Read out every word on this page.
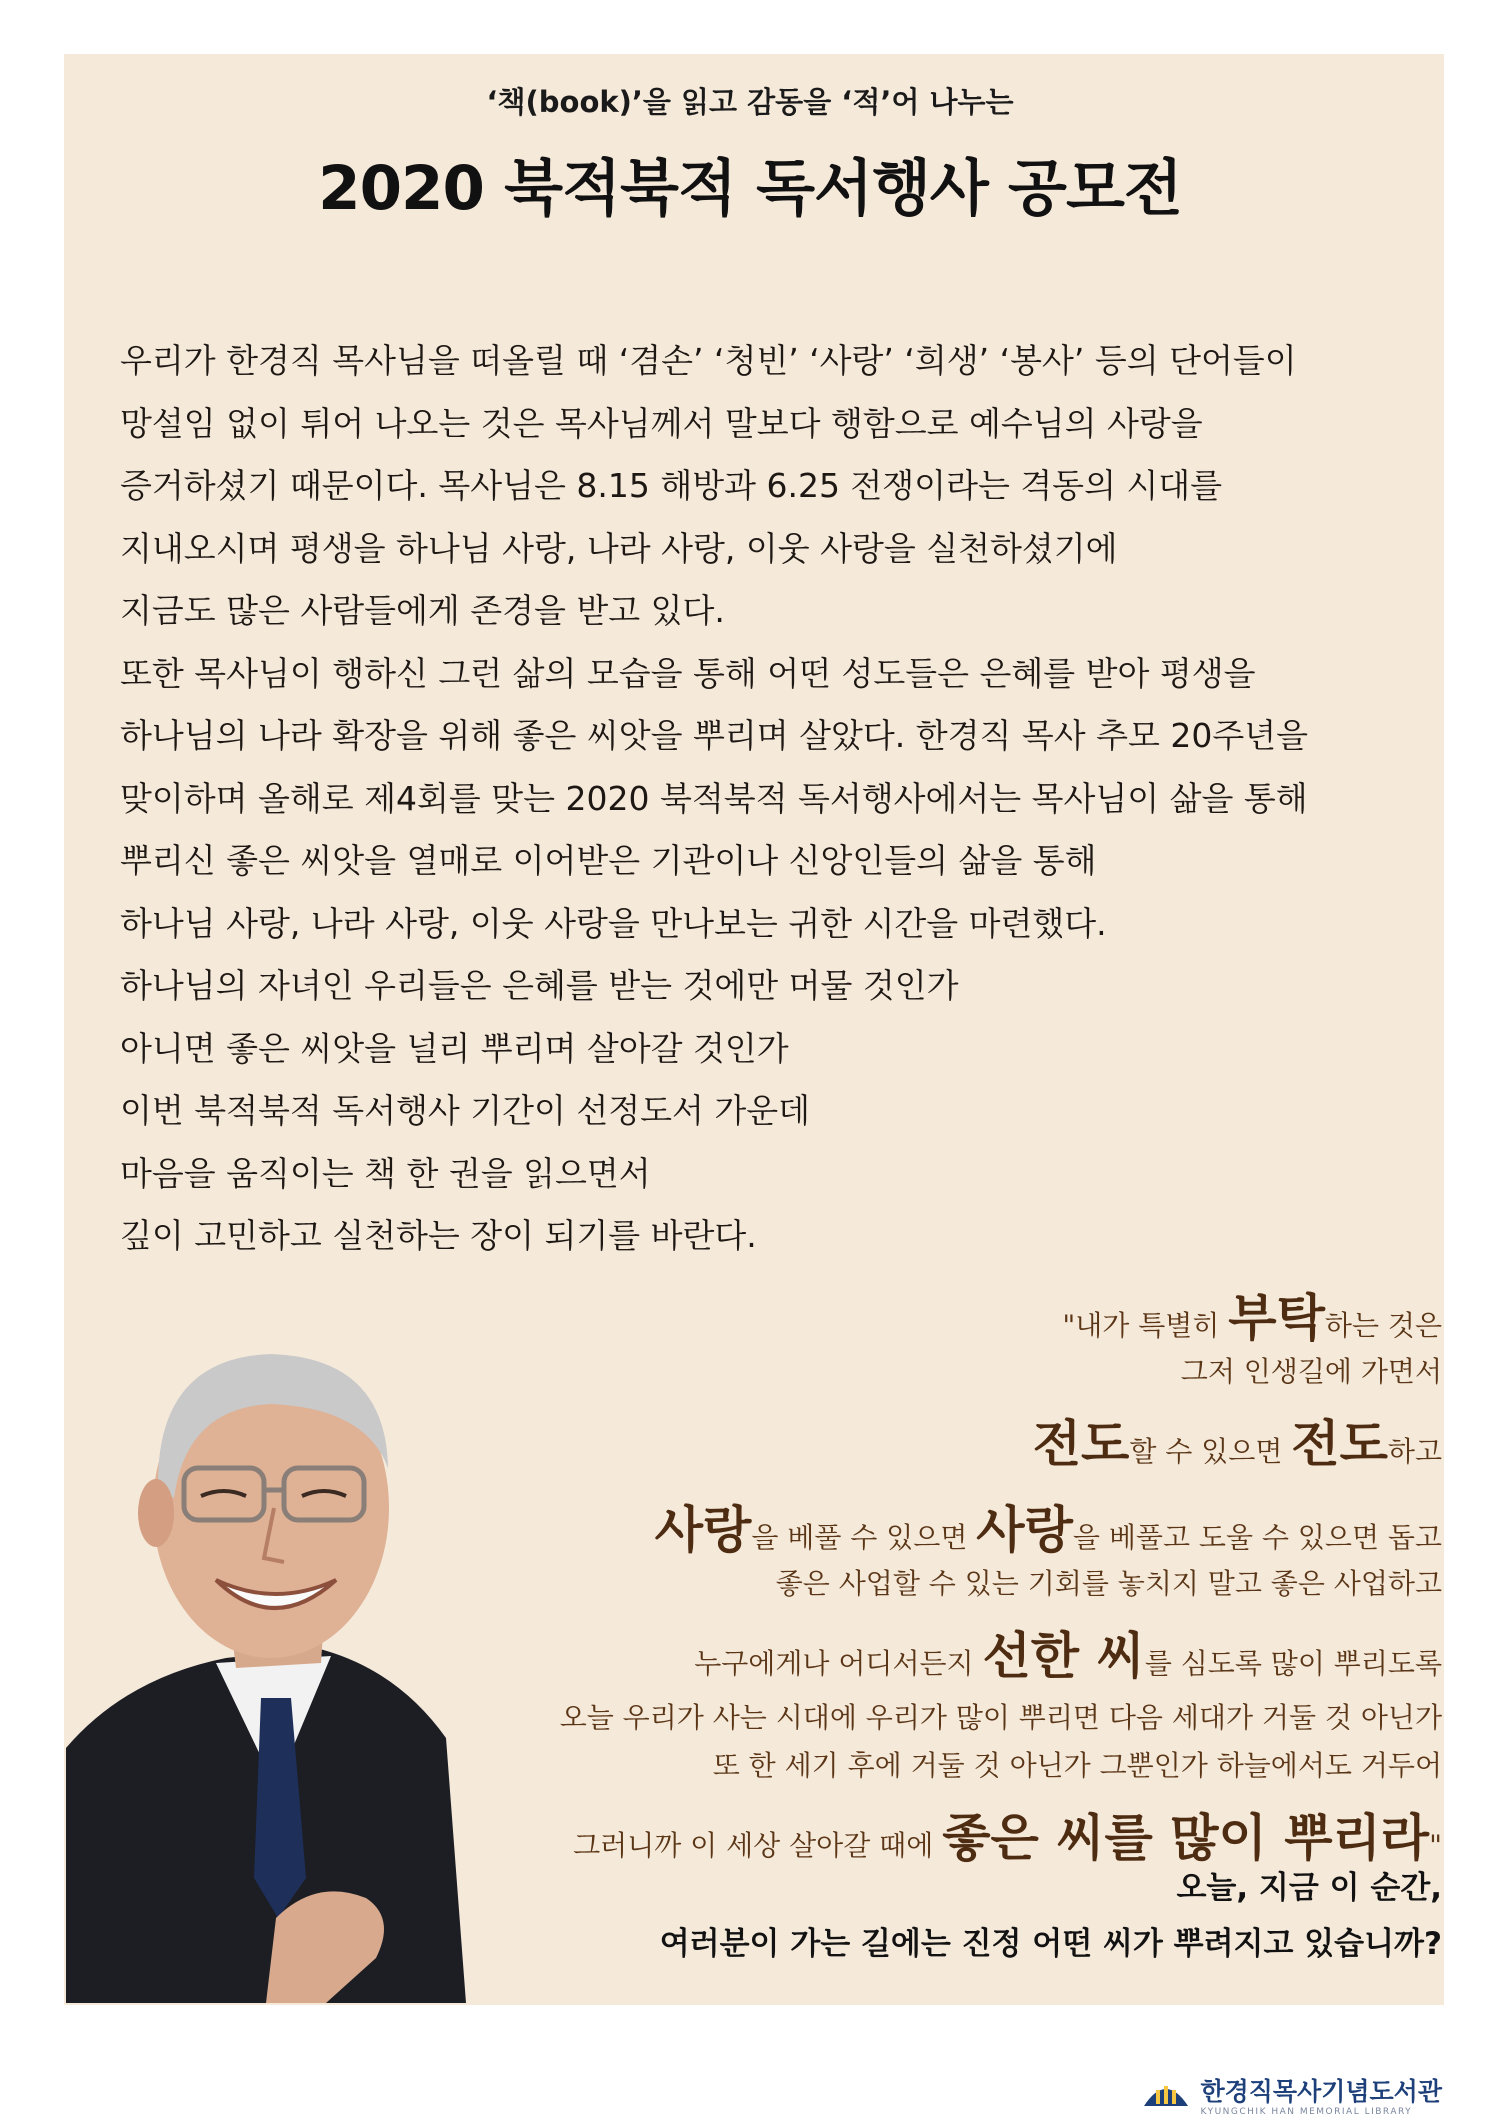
‘책(book)’을 읽고 감동을 ‘적’어 나누는
2020 북적북적 독서행사 공모전
우리가 한경직 목사님을 떠올릴 때 ‘겸손’ ‘청빈’ ‘사랑’ ‘희생’ ‘봉사’ 등의 단어들이
망설임 없이 튀어 나오는 것은 목사님께서 말보다 행함으로 예수님의 사랑을
증거하셨기 때문이다. 목사님은 8.15 해방과 6.25 전쟁이라는 격동의 시대를
지내오시며 평생을 하나님 사랑, 나라 사랑, 이웃 사랑을 실천하셨기에
지금도 많은 사람들에게 존경을 받고 있다.
또한 목사님이 행하신 그런 삶의 모습을 통해 어떤 성도들은 은혜를 받아 평생을
하나님의 나라 확장을 위해 좋은 씨앗을 뿌리며 살았다. 한경직 목사 추모 20주년을
맞이하며 올해로 제4회를 맞는 2020 북적북적 독서행사에서는 목사님이 삶을 통해
뿌리신 좋은 씨앗을 열매로 이어받은 기관이나 신앙인들의 삶을 통해
하나님 사랑, 나라 사랑, 이웃 사랑을 만나보는 귀한 시간을 마련했다.
하나님의 자녀인 우리들은 은혜를 받는 것에만 머물 것인가
아니면 좋은 씨앗을 널리 뿌리며 살아갈 것인가
이번 북적북적 독서행사 기간이 선정도서 가운데
마음을 움직이는 책 한 권을 읽으면서
깊이 고민하고 실천하는 장이 되기를 바란다.
"내가 특별히 부탁하는 것은
그저 인생길에 가면서
전도할 수 있으면 전도하고
사랑을 베풀 수 있으면 사랑을 베풀고 도울 수 있으면 돕고
좋은 사업할 수 있는 기회를 놓치지 말고 좋은 사업하고
누구에게나 어디서든지 선한 씨를 심도록 많이 뿌리도록
오늘 우리가 사는 시대에 우리가 많이 뿌리면 다음 세대가 거둘 것 아닌가
또 한 세기 후에 거둘 것 아닌가 그뿐인가 하늘에서도 거두어
그러니까 이 세상 살아갈 때에 좋은 씨를 많이 뿌리라"
오늘, 지금 이 순간,
여러분이 가는 길에는 진정 어떤 씨가 뿌려지고 있습니까?
한경직목사기념도서관
KYUNGCHIK HAN MEMORIAL LIBRARY
